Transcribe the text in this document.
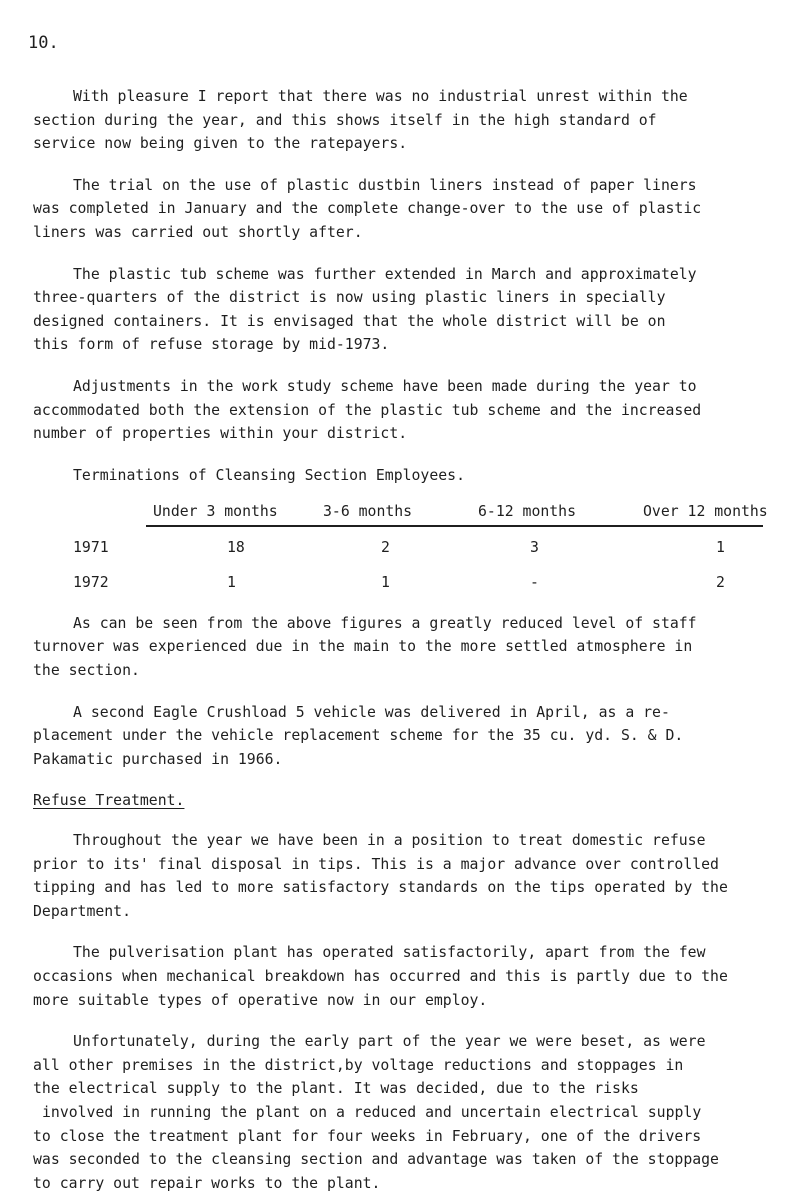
10.
With pleasure I report that there was no industrial unrest within the
section during the year, and this shows itself in the high standard of
service now being given to the ratepayers.
The trial on the use of plastic dustbin liners instead of paper liners
was completed in January and the complete change-over to the use of plastic
liners was carried out shortly after.
The plastic tub scheme was further extended in March and approximately
three-quarters of the district is now using plastic liners in specially
designed containers. It is envisaged that the whole district will be on
this form of refuse storage by mid-1973.
Adjustments in the work study scheme have been made during the year to
accommodated both the extension of the plastic tub scheme and the increased
number of properties within your district.
Terminations of Cleansing Section Employees.
Under 3 months	3-6 months	6-12 months	Over 12 months
1971	18	2	3	1
1972	1	1	-	2
As can be seen from the above figures a greatly reduced level of staff
turnover was experienced due in the main to the more settled atmosphere in
the section.
A second Eagle Crushload 5 vehicle was delivered in April, as a re-
placement under the vehicle replacement scheme for the 35 cu. yd. S. & D.
Pakamatic purchased in 1966.
Refuse Treatment.
Throughout the year we have been in a position to treat domestic refuse
prior to its' final disposal in tips. This is a major advance over controlled
tipping and has led to more satisfactory standards on the tips operated by the
Department.
The pulverisation plant has operated satisfactorily, apart from the few
occasions when mechanical breakdown has occurred and this is partly due to the
more suitable types of operative now in our employ.
Unfortunately, during the early part of the year we were beset, as were
all other premises in the district,by voltage reductions and stoppages in
the electrical supply to the plant. It was decided, due to the risks
involved in running the plant on a reduced and uncertain electrical supply
to close the treatment plant for four weeks in February, one of the drivers
was seconded to the cleansing section and advantage was taken of the stoppage
to carry out repair works to the plant.
